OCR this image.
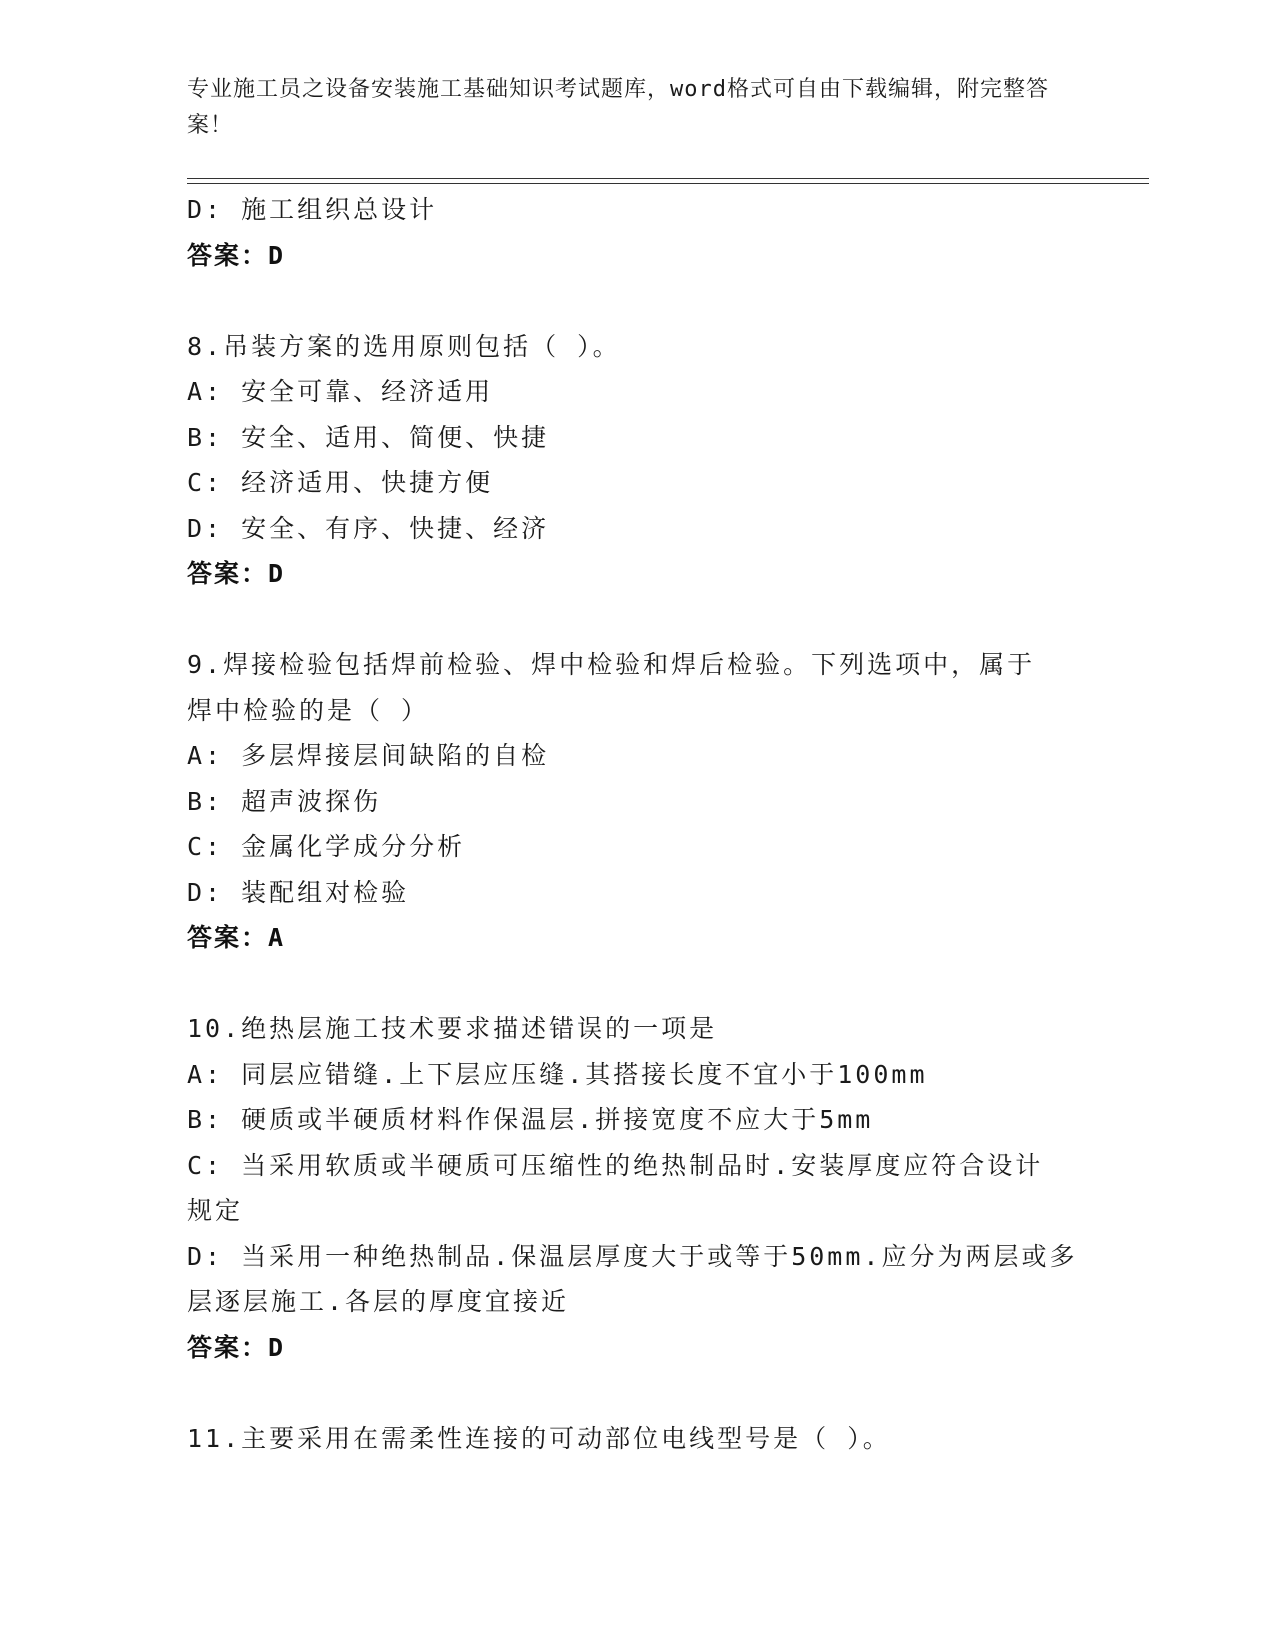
专业施工员之设备安装施工基础知识考试题库，word格式可自由下载编辑，附完整答案！
D: 施工组织总设计
答案：D
8.吊装方案的选用原则包括（ ）。
A: 安全可靠、经济适用
B: 安全、适用、简便、快捷
C: 经济适用、快捷方便
D: 安全、有序、快捷、经济
答案：D
9.焊接检验包括焊前检验、焊中检验和焊后检验。下列选项中，属于
焊中检验的是（ ）
A: 多层焊接层间缺陷的自检
B: 超声波探伤
C: 金属化学成分分析
D: 装配组对检验
答案：A
10.绝热层施工技术要求描述错误的一项是
A: 同层应错缝.上下层应压缝.其搭接长度不宜小于100mm
B: 硬质或半硬质材料作保温层.拼接宽度不应大于5mm
C: 当采用软质或半硬质可压缩性的绝热制品时.安装厚度应符合设计
规定
D: 当采用一种绝热制品.保温层厚度大于或等于50mm.应分为两层或多
层逐层施工.各层的厚度宜接近
答案：D
11.主要采用在需柔性连接的可动部位电线型号是（ ）。
